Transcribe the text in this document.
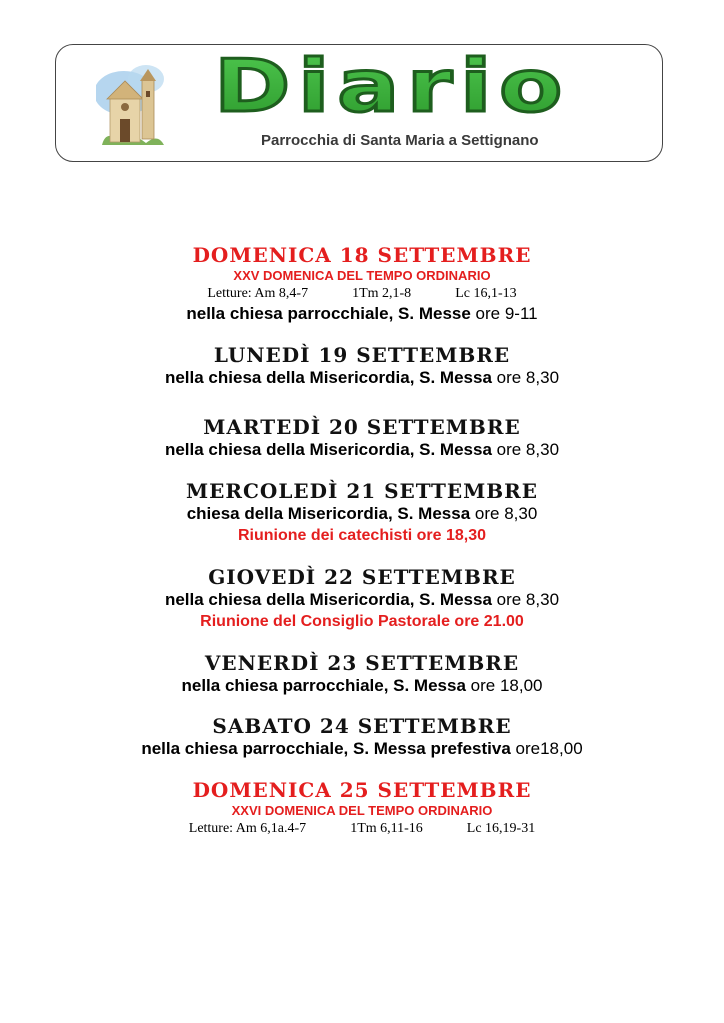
Diario
Parrocchia di Santa Maria a Settignano
DOMENICA 18 SETTEMBRE
XXV DOMENICA DEL TEMPO ORDINARIO
Letture: Am 8,4-7	1Tm 2,1-8	Lc 16,1-13
nella chiesa parrocchiale, S. Messe ore 9-11
LUNEDÌ 19 SETTEMBRE
nella chiesa della Misericordia, S. Messa ore 8,30
MARTEDÌ 20 SETTEMBRE
nella chiesa della Misericordia, S. Messa ore 8,30
MERCOLEDÌ 21 SETTEMBRE
chiesa della Misericordia, S. Messa ore 8,30
Riunione dei catechisti ore 18,30
GIOVEDÌ 22 SETTEMBRE
nella chiesa della Misericordia, S. Messa ore 8,30
Riunione del Consiglio Pastorale ore 21.00
VENERDÌ 23 SETTEMBRE
nella chiesa parrocchiale, S. Messa ore 18,00
SABATO 24 SETTEMBRE
nella chiesa parrocchiale, S. Messa prefestiva ore18,00
DOMENICA 25 SETTEMBRE
XXVI DOMENICA DEL TEMPO ORDINARIO
Letture: Am 6,1a.4-7	1Tm 6,11-16	Lc 16,19-31
